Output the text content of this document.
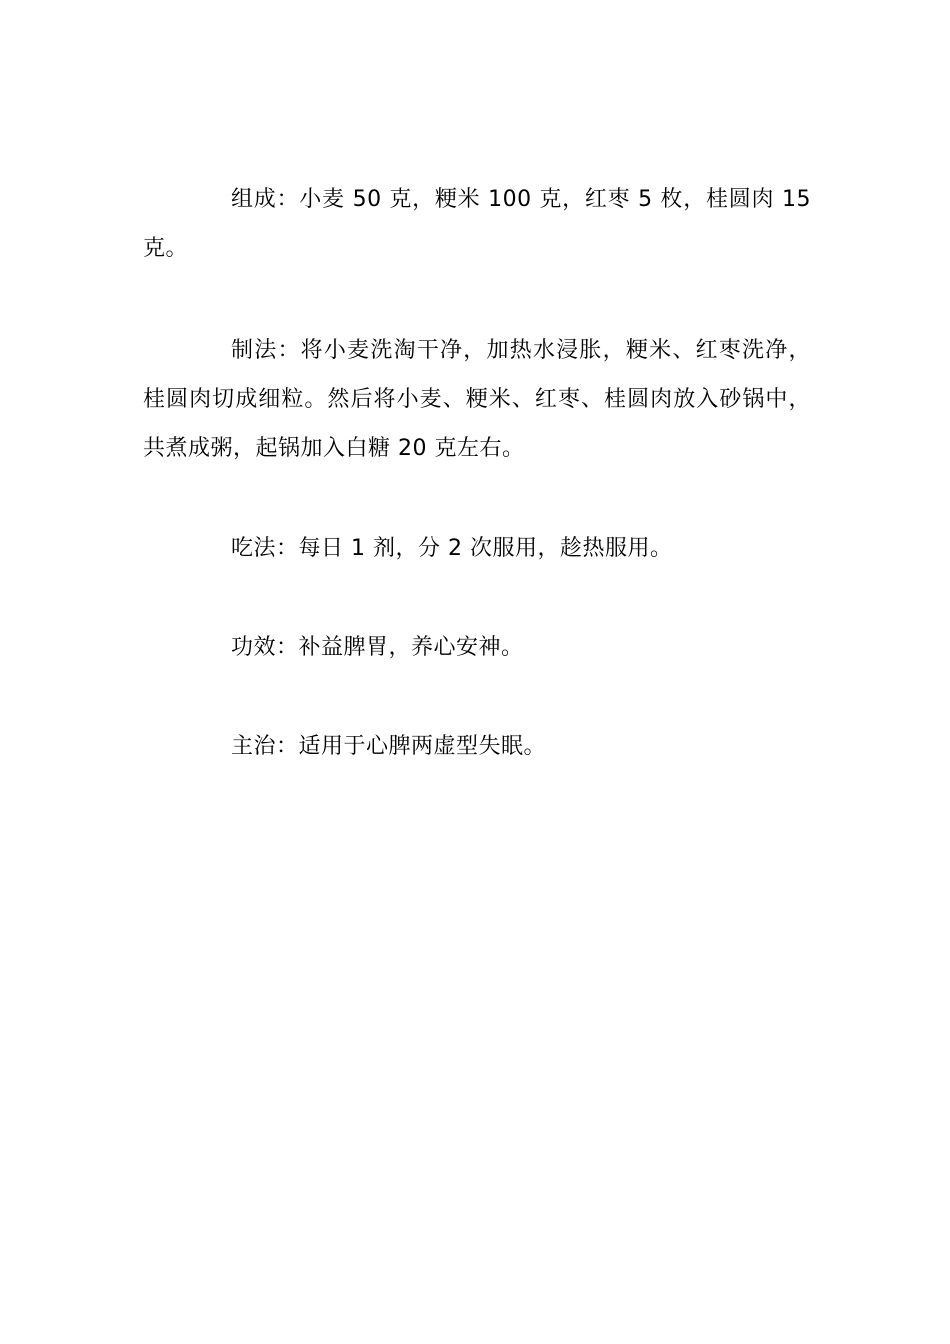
组成：小麦 50 克，粳米 100 克，红枣 5 枚，桂圆肉 15 克。

制法：将小麦洗淘干净，加热水浸胀，粳米、红枣洗净，桂圆肉切成细粒。然后将小麦、粳米、红枣、桂圆肉放入砂锅中，共煮成粥，起锅加入白糖 20 克左右。

吃法：每日 1 剂，分 2 次服用，趁热服用。

功效：补益脾胃，养心安神。

主治：适用于心脾两虚型失眠。
